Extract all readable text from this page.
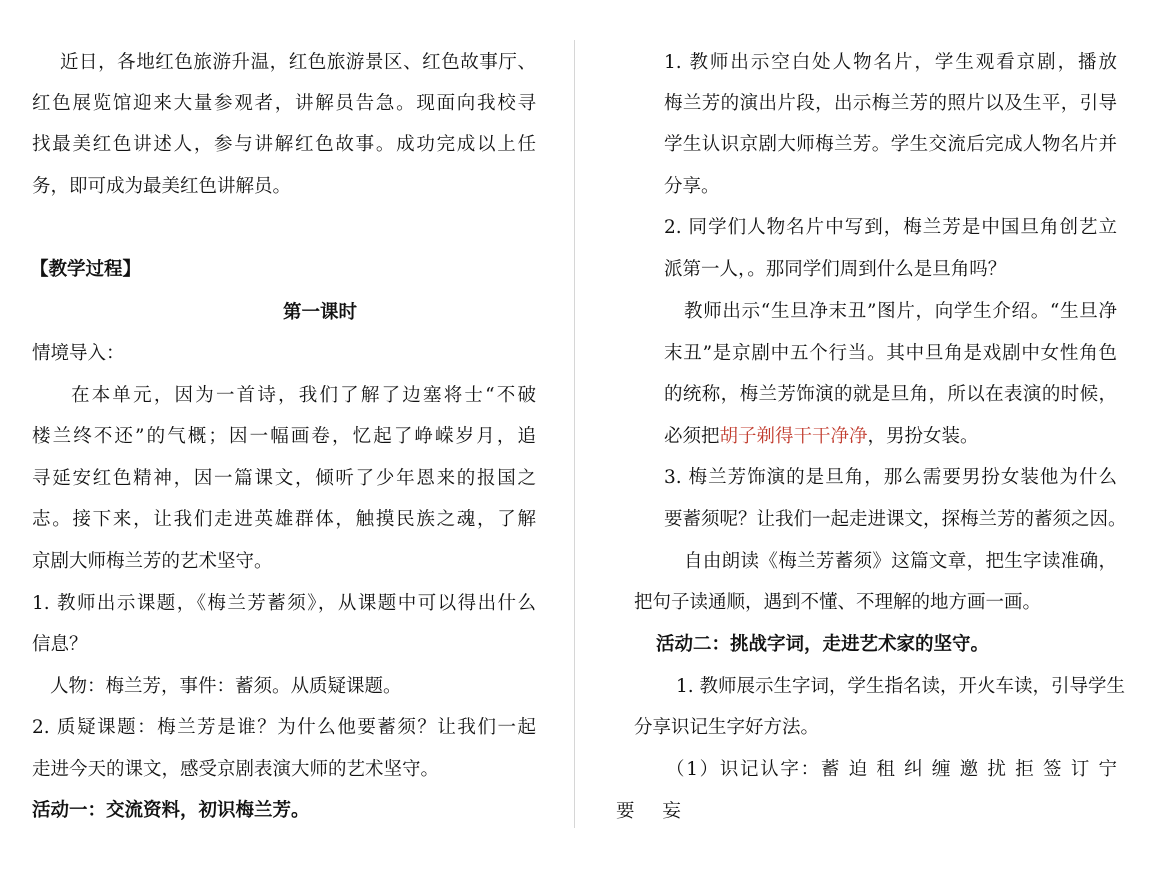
近日，各地红色旅游升温，红色旅游景区、红色故事厅、
红色展览馆迎来大量参观者，讲解员告急。现面向我校寻
找最美红色讲述人，参与讲解红色故事。成功完成以上任
务，即可成为最美红色讲解员。
【教学过程】
第一课时
情境导入：
在本单元，因为一首诗，我们了解了边塞将士“不破
楼兰终不还”的气概；因一幅画卷，忆起了峥嵘岁月，追
寻延安红色精神，因一篇课文，倾听了少年恩来的报国之
志。接下来，让我们走进英雄群体，触摸民族之魂，了解
京剧大师梅兰芳的艺术坚守。
1. 教师出示课题，《梅兰芳蓄须》，从课题中可以得出什么
信息？
人物：梅兰芳，事件：蓄须。从质疑课题。
2. 质疑课题：梅兰芳是谁？为什么他要蓄须？让我们一起
走进今天的课文，感受京剧表演大师的艺术坚守。
活动一：交流资料，初识梅兰芳。
1. 教师出示空白处人物名片，学生观看京剧，播放
梅兰芳的演出片段，出示梅兰芳的照片以及生平，引导
学生认识京剧大师梅兰芳。学生交流后完成人物名片并
分享。
2. 同学们人物名片中写到，梅兰芳是中国旦角创艺立
派第一人，。那同学们周到什么是旦角吗？
教师出示“生旦净末丑”图片，向学生介绍。“生旦净
末丑”是京剧中五个行当。其中旦角是戏剧中女性角色
的统称，梅兰芳饰演的就是旦角，所以在表演的时候，
必须把胡子剃得干干净净，男扮女装。
3. 梅兰芳饰演的是旦角，那么需要男扮女装他为什么
要蓄须呢？让我们一起走进课文，探梅兰芳的蓄须之因。
自由朗读《梅兰芳蓄须》这篇文章，把生字读准确，
把句子读通顺，遇到不懂、不理解的地方画一画。
活动二：挑战字词，走进艺术家的坚守。
1. 教师展示生字词，学生指名读，开火车读，引导学生
分享识记生字好方法。
（1）识记认字：蓄 迫 租 纠 缠 邀 扰 拒 签 订 宁
要 妄
